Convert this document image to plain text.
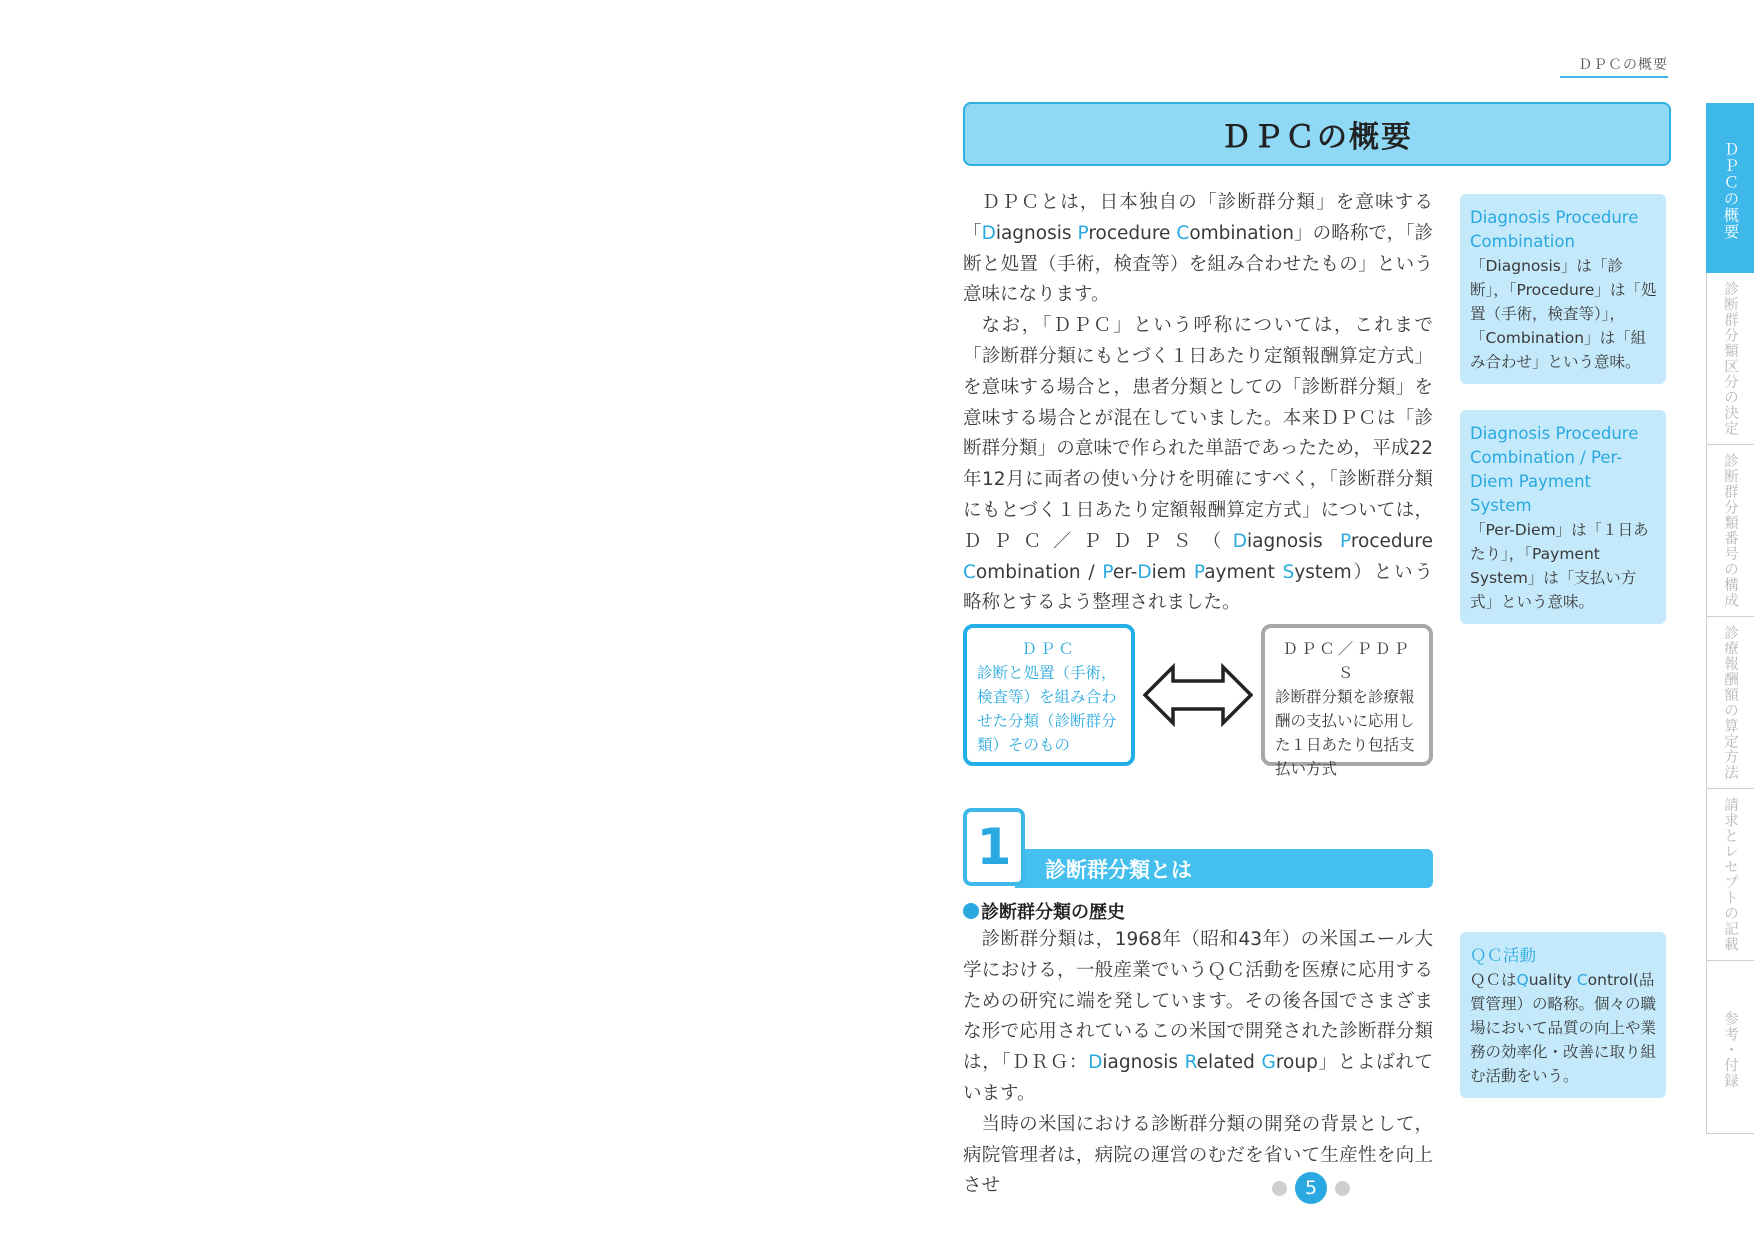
ＤＰＣの概要
ＤＰＣの概要

ＤＰＣとは，日本独自の「診断群分類」を意味する「Diagnosis Procedure Combination」の略称で，「診断と処置（手術，検査等）を組み合わせたもの」という意味になります。

なお，「ＤＰＣ」という呼称については，これまで「診断群分類にもとづく１日あたり定額報酬算定方式」を意味する場合と，患者分類としての「診断群分類」を意味する場合とが混在していました。本来ＤＰＣは「診断群分類」の意味で作られた単語であったため，平成22年12月に両者の使い分けを明確にすべく，「診断群分類にもとづく１日あたり定額報酬算定方式」については，ＤＰＣ／ＰＤＰＳ（Diagnosis Procedure Combination / Per-Diem Payment System）という略称とするよう整理されました。

Diagnosis Procedure Combination
「Diagnosis」は「診断」，「Procedure」は「処置（手術，検査等）」，「Combination」は「組み合わせ」という意味。
Diagnosis Procedure Combination / Per-Diem Payment System
「Per-Diem」は「１日あたり」，「Payment System」は「支払い方式」という意味。
ＱＣ活動
ＱＣはQuality Control(品質管理）の略称。個々の職場において品質の向上や業務の効率化・改善に取り組む活動をいう。
ＤＰＣ
診断と処置（手術，検査等）を組み合わせた分類（診断群分類）そのもの
ＤＰＣ／ＰＤＰＳ
診断群分類を診療報酬の支払いに応用した１日あたり包括支払い方式
診断群分類とは
1
診断群分類の歴史

診断群分類は，1968年（昭和43年）の米国エール大学における，一般産業でいうＱＣ活動を医療に応用するための研究に端を発しています。その後各国でさまざまな形で応用されているこの米国で開発された診断群分類は，「ＤＲＧ：Diagnosis Related Group」とよばれています。

当時の米国における診断群分類の開発の背景として，病院管理者は，病院の運営のむだを省いて生産性を向上させ

ＤＰＣの概要
診断群分類区分の決定
診断群分類番号の構成
診療報酬額の算定方法
請求とレセプトの記載
参考・付録
5
